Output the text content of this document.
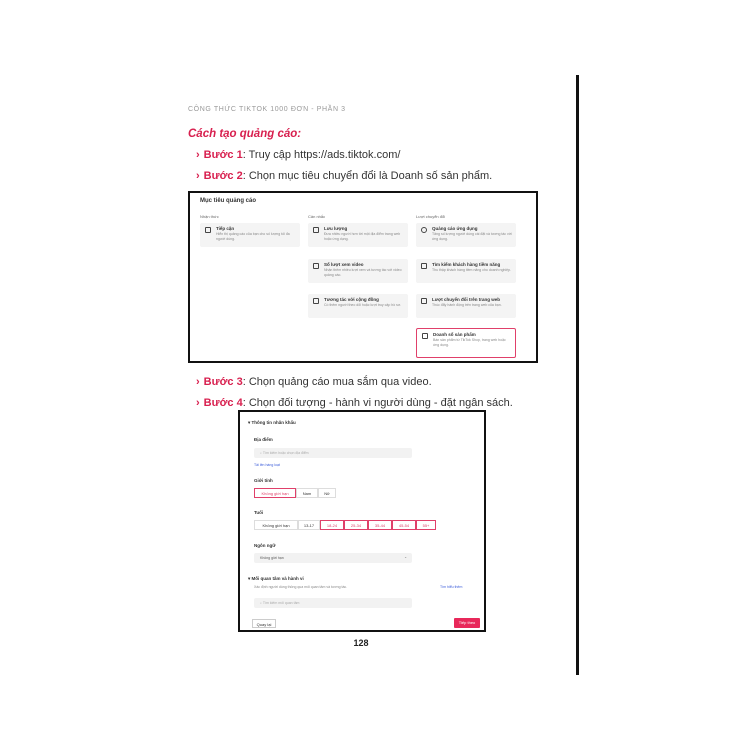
CÔNG THỨC TIKTOK 1000 ĐƠN - PHẦN 3
Cách tạo quảng cáo:
› Bước 1: Truy cập https://ads.tiktok.com/
› Bước 2: Chọn mục tiêu chuyển đổi là Doanh số sản phẩm.
Mục tiêu quảng cáo
Nhận thức	Cân nhắc	Lượt chuyển đổi
Tiếp cận
Hiển thị quảng cáo của bạn cho số lượng tối đa người dùng.
Lưu lượng
Đưa nhiều người hơn tới một địa điểm trang web hoặc ứng dụng.
Số lượt xem video
Nhận thêm nhiều lượt xem và tương tác với video quảng cáo.
Tương tác với cộng đồng
Có thêm người theo dõi hoặc lượt truy cập hồ sơ.
Quảng cáo ứng dụng
Tăng số lượng người dùng cài đặt và tương tác với ứng dụng.
Tìm kiếm khách hàng tiềm năng
Thu thập khách hàng tiềm năng cho doanh nghiệp.
Lượt chuyển đổi trên trang web
Thúc đẩy hành động trên trang web của bạn.
Doanh số sản phẩm
Bán sản phẩm từ TikTok Shop, trang web hoặc ứng dụng.
› Bước 3: Chọn quảng cáo mua sắm qua video.
› Bước 4: Chọn đối tượng - hành vi người dùng - đặt ngân sách.
▾ Thông tin nhân khẩu
Địa điểm
⌕ Tìm kiếm hoặc chọn địa điểm
Tải lên hàng loạt
Giới tính
Không giới hạn	Nam	Nữ
Tuổi
Không giới hạn	13-17	18-24	25-34	35-44	45-54	55+
Ngôn ngữ
Không giới hạn	⌄
▾ Mối quan tâm và hành vi
Xác định người dùng thông qua mối quan tâm và tương tác.	Tìm hiểu thêm
⌕ Tìm kiếm mối quan tâm
Quay lại	Tiếp theo
128
